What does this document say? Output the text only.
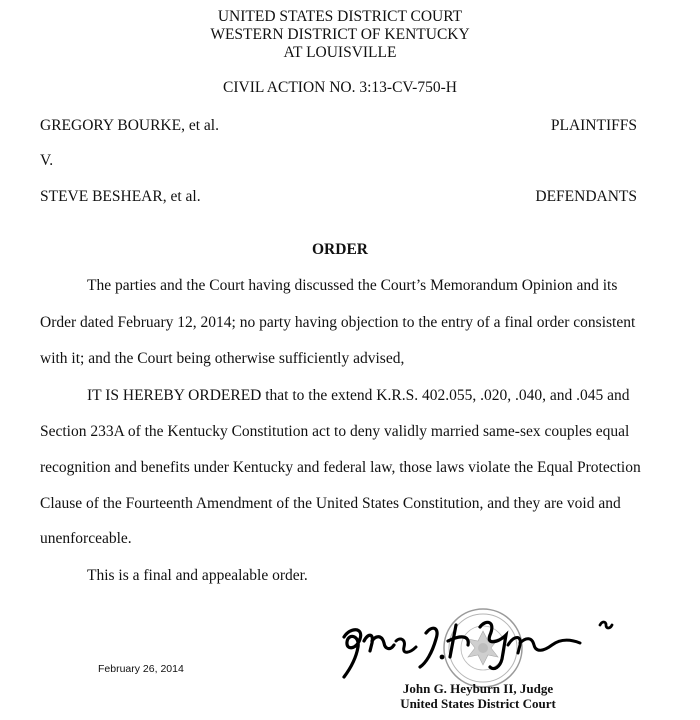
UNITED STATES DISTRICT COURT
WESTERN DISTRICT OF KENTUCKY
AT LOUISVILLE
CIVIL ACTION NO. 3:13-CV-750-H
GREGORY BOURKE, et al.	PLAINTIFFS
V.
STEVE BESHEAR, et al.	DEFENDANTS
ORDER
The parties and the Court having discussed the Court’s Memorandum Opinion and its
Order dated February 12, 2014; no party having objection to the entry of a final order consistent
with it; and the Court being otherwise sufficiently advised,
IT IS HEREBY ORDERED that to the extend K.R.S. 402.055, .020, .040, and .045 and
Section 233A of the Kentucky Constitution act to deny validly married same-sex couples equal
recognition and benefits under Kentucky and federal law, those laws violate the Equal Protection
Clause of the Fourteenth Amendment of the United States Constitution, and they are void and
unenforceable.
This is a final and appealable order.
February 26, 2014
John G. Heyburn II, Judge
United States District Court
